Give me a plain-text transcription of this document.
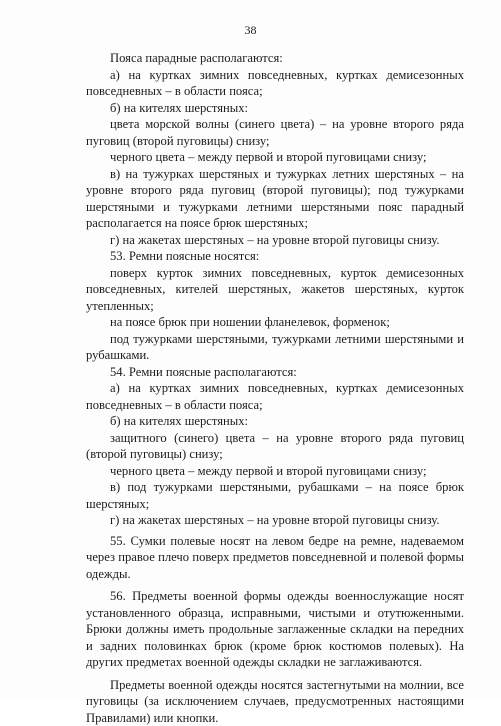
38

Пояса парадные располагаются:

а) на куртках зимних повседневных, куртках демисезонных повседневных – в области пояса;

б) на кителях шерстяных:

цвета морской волны (синего цвета) – на уровне второго ряда пуговиц (второй пуговицы) снизу;

черного цвета – между первой и второй пуговицами снизу;

в) на тужурках шерстяных и тужурках летних шерстяных – на уровне второго ряда пуговиц (второй пуговицы); под тужурками шерстяными и тужурками летними шерстяными пояс парадный располагается на поясе брюк шерстяных;

г) на жакетах шерстяных – на уровне второй пуговицы снизу.

53. Ремни поясные носятся:

поверх курток зимних повседневных, курток демисезонных повседневных, кителей шерстяных, жакетов шерстяных, курток утепленных;

на поясе брюк при ношении фланелевок, форменок;

под тужурками шерстяными, тужурками летними шерстяными и рубашками.

54. Ремни поясные располагаются:

а) на куртках зимних повседневных, куртках демисезонных повседневных – в области пояса;

б) на кителях шерстяных:

защитного (синего) цвета – на уровне второго ряда пуговиц (второй пуговицы) снизу;

черного цвета – между первой и второй пуговицами снизу;

в) под тужурками шерстяными, рубашками – на поясе брюк шерстяных;

г) на жакетах шерстяных – на уровне второй пуговицы снизу.

55. Сумки полевые носят на левом бедре на ремне, надеваемом через правое плечо поверх предметов повседневной и полевой формы одежды.

56. Предметы военной формы одежды военнослужащие носят установленного образца, исправными, чистыми и отутюженными. Брюки должны иметь продольные заглаженные складки на передних и задних половинках брюк (кроме брюк костюмов полевых). На других предметах военной одежды складки не заглаживаются.

Предметы военной одежды носятся застегнутыми на молнии, все пуговицы (за исключением случаев, предусмотренных настоящими Правилами) или кнопки.
